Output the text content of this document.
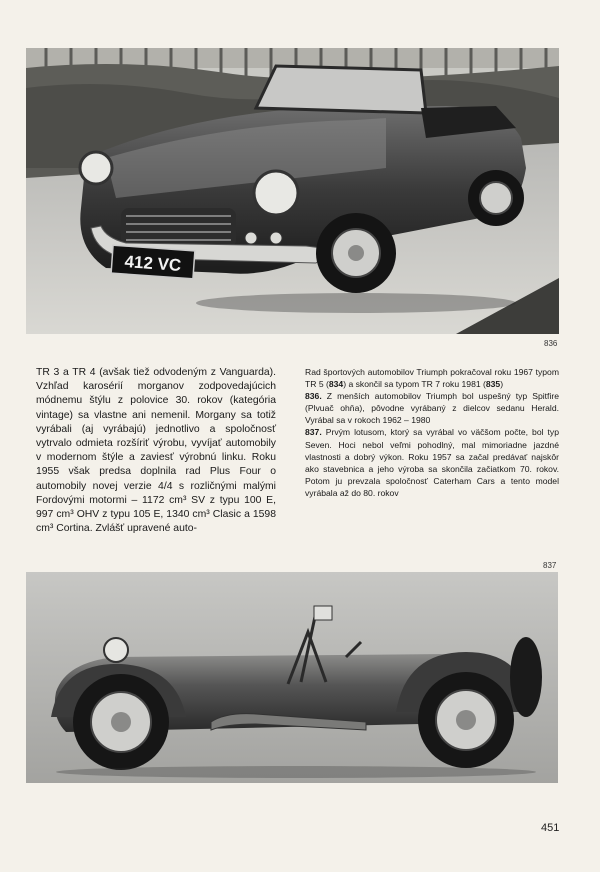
412 VC
836

TR 3 a TR 4 (avšak tiež odvodeným z Vanguarda). Vzhľad karosérií morganov zodpovedajúcich módnemu štýlu z polovice 30. rokov (kategória vintage) sa vlastne ani nemenil. Morgany sa totiž vyrábali (aj vyrábajú) jednotlivo a spoločnosť vytrvalo odmieta rozšíriť výrobu, vyvíjať automobily v modernom štýle a zaviesť výrobnú linku. Roku 1955 však predsa doplnila rad Plus Four o automobily novej verzie 4/4 s rozličnými malými Fordovými motormi – 1172 cm³ SV z typu 100 E, 997 cm³ OHV z typu 105 E, 1340 cm³ Clasic a 1598 cm³ Cortina. Zvlášť upravené auto-

Rad športových automobilov Triumph pokračoval roku 1967 typom TR 5 (834) a skončil sa typom TR 7 roku 1981 (835)

836. Z menších automobilov Triumph bol uspešný typ Spitfire (Plvuač ohňa), pôvodne vyrábaný z dielcov sedanu Herald. Vyrábal sa v rokoch 1962 – 1980

837. Prvým lotusom, ktorý sa vyrábal vo väčšom počte, bol typ Seven. Hoci nebol veľmi pohodlný, mal mimoriadne jazdné vlastnosti a dobrý výkon. Roku 1957 sa začal predávať najskôr ako stavebnica a jeho výroba sa skončila začiatkom 70. rokov. Potom ju prevzala spoločnosť Caterham Cars a tento model vyrábala až do 80. rokov

837
451
